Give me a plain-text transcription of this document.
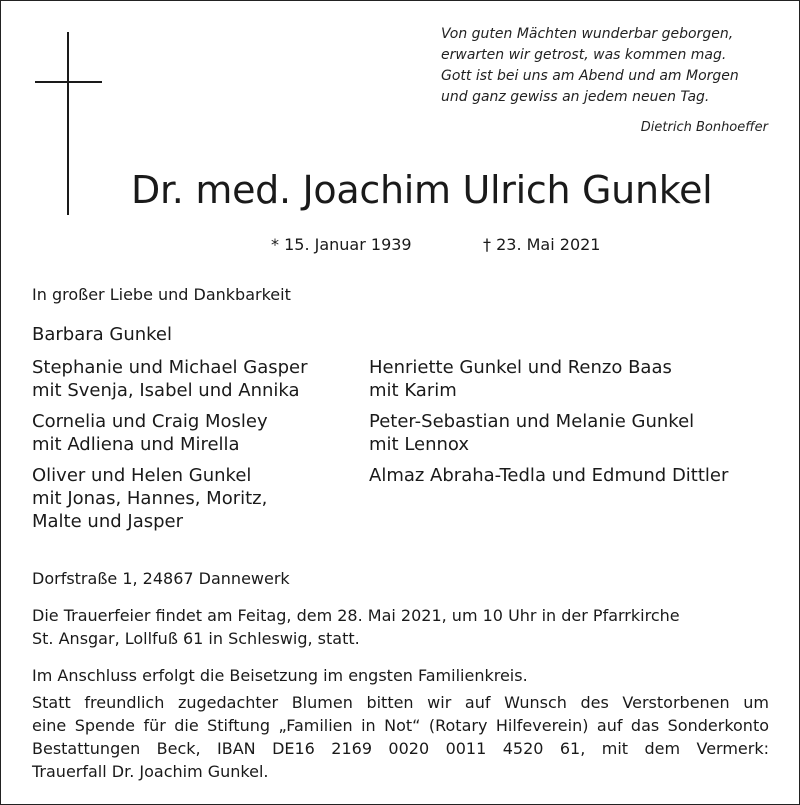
Von guten Mächten wunderbar geborgen,
erwarten wir getrost, was kommen mag.
Gott ist bei uns am Abend und am Morgen
und ganz gewiss an jedem neuen Tag.
Dietrich Bonhoeffer
Dr. med. Joachim Ulrich Gunkel
* 15. Januar 1939	† 23. Mai 2021
In großer Liebe und Dankbarkeit
Barbara Gunkel
Stephanie und Michael Gasper
mit Svenja, Isabel und Annika
Cornelia und Craig Mosley
mit Adliena und Mirella
Oliver und Helen Gunkel
mit Jonas, Hannes, Moritz,
Malte und Jasper
Henriette Gunkel und Renzo Baas
mit Karim
Peter-Sebastian und Melanie Gunkel
mit Lennox
Almaz Abraha-Tedla und Edmund Dittler
Dorfstraße 1, 24867 Dannewerk
Die Trauerfeier findet am Feitag, dem 28. Mai 2021, um 10 Uhr in der Pfarrkirche
St. Ansgar, Lollfuß 61 in Schleswig, statt.
Im Anschluss erfolgt die Beisetzung im engsten Familienkreis.
Statt freundlich zugedachter Blumen bitten wir auf Wunsch des Verstorbenen um
eine Spende für die Stiftung „Familien in Not“ (Rotary Hilfeverein) auf das Sonderkonto
Bestattungen Beck, IBAN DE16 2169 0020 0011 4520 61, mit dem Vermerk:
Trauerfall Dr. Joachim Gunkel.
